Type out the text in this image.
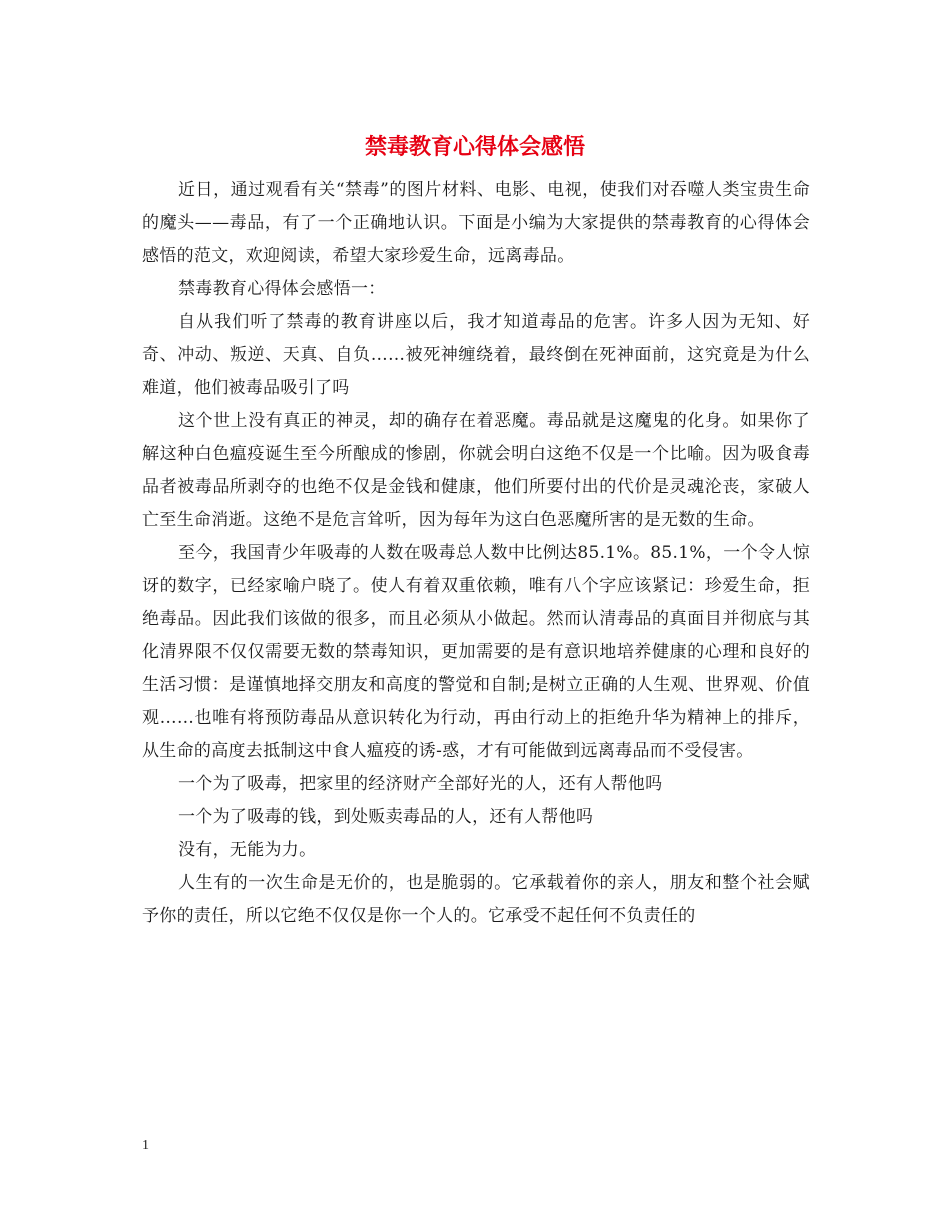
禁毒教育心得体会感悟

近日，通过观看有关“禁毒”的图片材料、电影、电视，使我们对吞噬人类宝贵生命的魔头——毒品，有了一个正确地认识。下面是小编为大家提供的禁毒教育的心得体会感悟的范文，欢迎阅读，希望大家珍爱生命，远离毒品。

禁毒教育心得体会感悟一：

自从我们听了禁毒的教育讲座以后，我才知道毒品的危害。许多人因为无知、好奇、冲动、叛逆、天真、自负……被死神缠绕着，最终倒在死神面前，这究竟是为什么 难道，他们被毒品吸引了吗

这个世上没有真正的神灵，却的确存在着恶魔。毒品就是这魔鬼的化身。如果你了解这种白色瘟疫诞生至今所酿成的惨剧，你就会明白这绝不仅是一个比喻。因为吸食毒品者被毒品所剥夺的也绝不仅是金钱和健康，他们所要付出的代价是灵魂沦丧，家破人亡至生命消逝。这绝不是危言耸听，因为每年为这白色恶魔所害的是无数的生命。

至今，我国青少年吸毒的人数在吸毒总人数中比例达85.1%。85.1%，一个令人惊讶的数字，已经家喻户晓了。使人有着双重依赖，唯有八个字应该紧记：珍爱生命，拒绝毒品。因此我们该做的很多，而且必须从小做起。然而认清毒品的真面目并彻底与其化清界限不仅仅需要无数的禁毒知识，更加需要的是有意识地培养健康的心理和良好的生活习惯：是谨慎地择交朋友和高度的警觉和自制;是树立正确的人生观、世界观、价值观……也唯有将预防毒品从意识转化为行动，再由行动上的拒绝升华为精神上的排斥，从生命的高度去抵制这中食人瘟疫的诱-惑，才有可能做到远离毒品而不受侵害。

一个为了吸毒，把家里的经济财产全部好光的人，还有人帮他吗

一个为了吸毒的钱，到处贩卖毒品的人，还有人帮他吗

没有，无能为力。

人生有的一次生命是无价的，也是脆弱的。它承载着你的亲人，朋友和整个社会赋予你的责任，所以它绝不仅仅是你一个人的。它承受不起任何不负责任的

1
